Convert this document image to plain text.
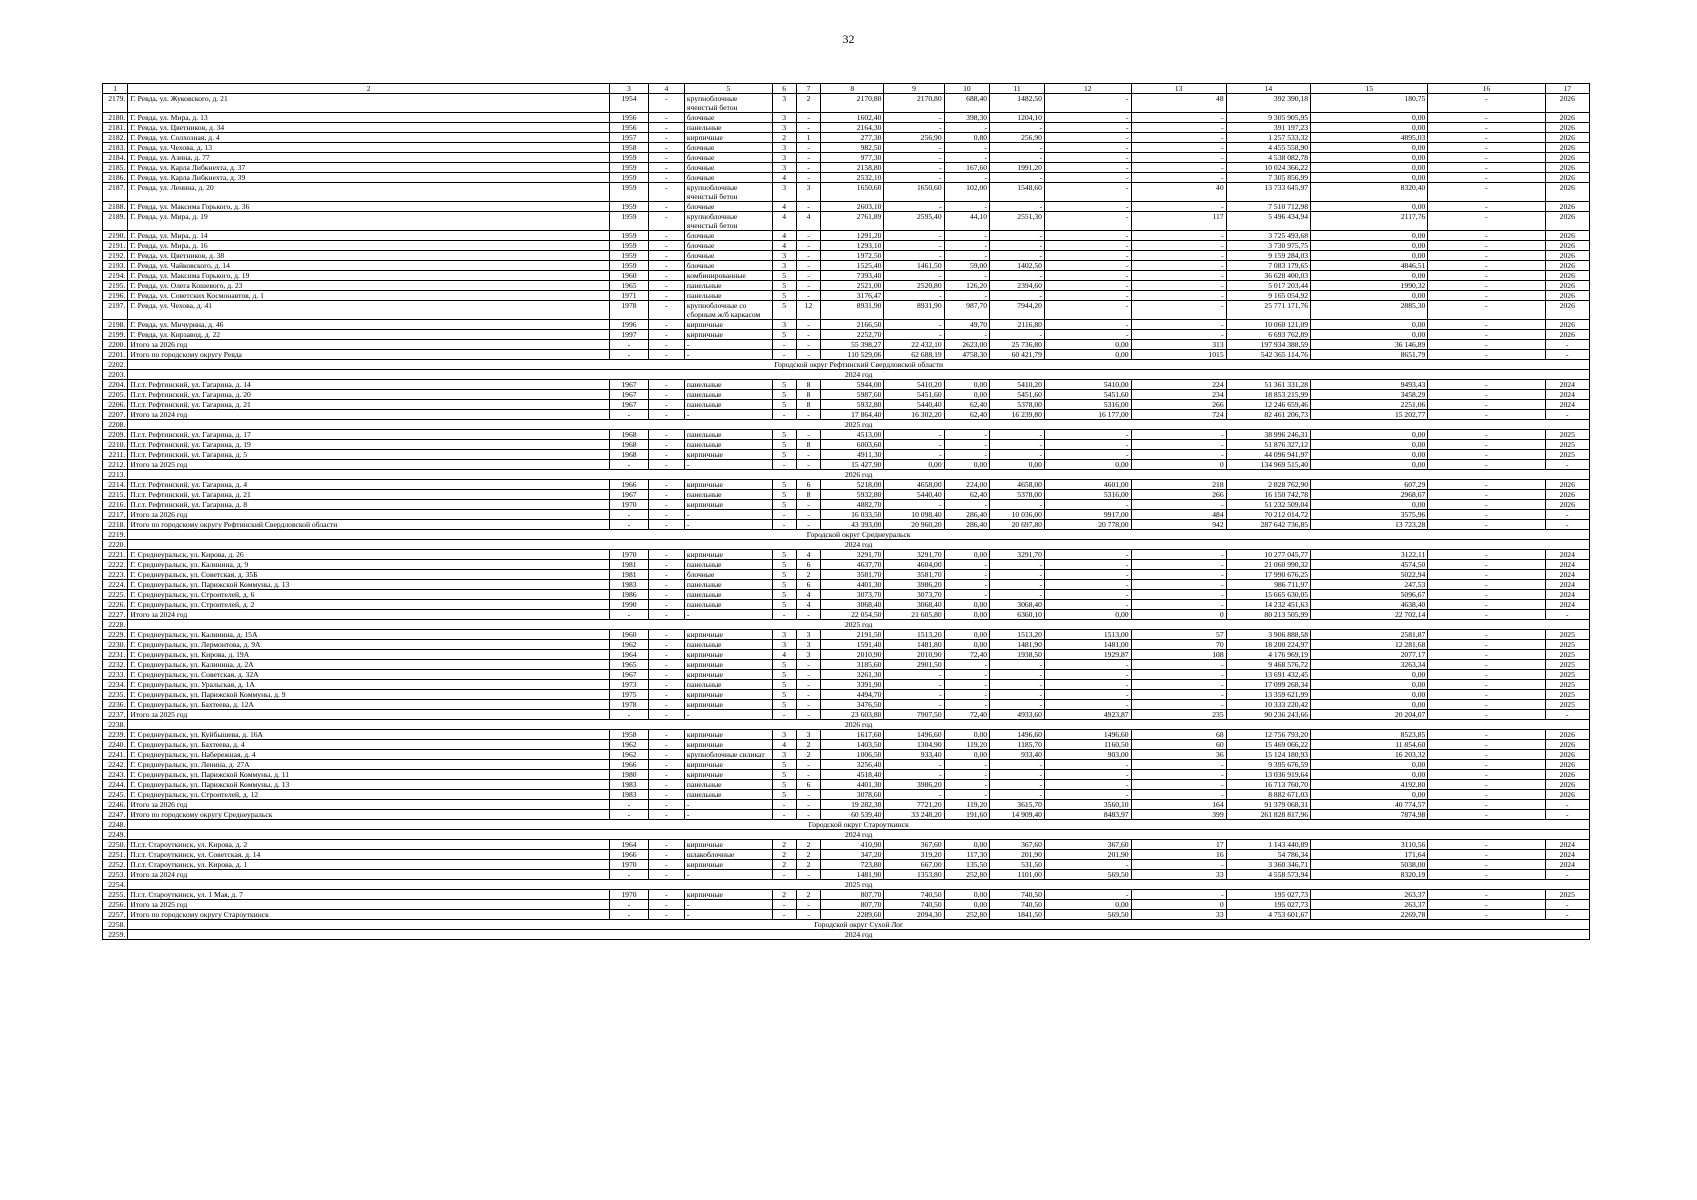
32
1	2	3	4	5	6	7	8	9	10	11	12	13	14	15	16	17
2179.	Г. Ревда, ул. Жуковского, д. 21	1954	-	крупноблочные ячеистый бетон	3	2	2170,80	2170,80	688,40	1482,50	-	48	392 390,18	180,75	-	2026
2180.	Г. Ревда, ул. Мира, д. 13	1956	-	блочные	3	-	1602,40	-	398,30	1204,10	-	-	9 305 905,95	0,00	-	2026
2181.	Г. Ревда, ул. Цветников, д. 34	1956	-	панельные	3	-	2164,30	-	-	-	-	-	391 197,23	0,00	-	2026
2182.	Г. Ревда, ул. Солхозная, д. 4	1957	-	кирпичные	2	1	277,30	256,90	0,80	256,90	-	-	1 257 533,32	4895,03	-	2026
2183.	Г. Ревда, ул. Чехова, д. 13	1958	-	блочные	3	-	982,50	-	-	-	-	-	4 455 558,90	0,00	-	2026
2184.	Г. Ревда, ул. Азина, д. 77	1959	-	блочные	3	-	977,30	-	-	-	-	-	4 538 082,78	0,00	-	2026
2185.	Г. Ревда, ул. Карла Либкнехта, д. 37	1959	-	блочные	3	-	2158,80	-	167,60	1991,20	-	-	10 024 366,22	0,00	-	2026
2186.	Г. Ревда, ул. Карла Либкнехта, д. 39	1959	-	блочные	4	-	2532,10	-	-	-	-	-	7 305 856,99	0,00	-	2026
2187.	Г. Ревда, ул. Ленина, д. 20	1959	-	крупноблочные ячеистый бетон	3	3	1650,60	1650,60	102,00	1548,60	-	40	13 733 645,97	8320,40	-	2026
2188.	Г. Ревда, ул. Максима Горького, д. 36	1959	-	блочные	4	-	2603,10	-	-	-	-	-	7 510 712,98	0,00	-	2026
2189.	Г. Ревда, ул. Мира, д. 19	1959	-	крупноблочные ячеистый бетон	4	4	2761,89	2595,40	44,10	2551,30	-	117	5 496 434,94	2117,76	-	2026
2190.	Г. Ревда, ул. Мира, д. 14	1959	-	блочные	4	-	1291,20	-	-	-	-	-	3 725 493,68	0,00	-	2026
2191.	Г. Ревда, ул. Мира, д. 16	1959	-	блочные	4	-	1293,10	-	-	-	-	-	3 730 975,75	0,00	-	2026
2192.	Г. Ревда, ул. Цветников, д. 38	1959	-	блочные	3	-	1972,50	-	-	-	-	-	9 159 284,03	0,00	-	2026
2193.	Г. Ревда, ул. Чайковского, д. 14	1959	-	блочные	3	-	1525,40	1461,50	59,00	1402,50	-	-	7 083 179,65	4846,51	-	2026
2194.	Г. Ревда, ул. Максима Горького, д. 19	1960	-	комбинированные	5	-	7393,40	-	-	-	-	-	36 628 400,03	0,00	-	2026
2195.	Г. Ревда, ул. Олега Кошевого, д. 23	1965	-	панельные	5	-	2521,00	2520,80	126,20	2394,60	-	-	5 017 203,44	1990,32	-	2026
2196.	Г. Ревда, ул. Советских Космонавтов, д. 1	1971	-	панельные	5	-	3176,47	-	-	-	-	-	9 165 054,92	0,00	-	2026
2197.	Г. Ревда, ул. Чехова, д. 41	1978	-	крупноблочные со сборным ж/б каркасом	5	12	8931,90	8931,90	987,70	7944,20	-	-	25 771 171,76	2885,30	-	2026
2198.	Г. Ревда, ул. Мичурина, д. 46	1996	-	кирпичные	3	-	2166,50	-	49,70	2116,80	-	-	10 060 121,09	0,00	-	2026
2199.	Г. Ревда, ул. Кирзавод, д. 22	1997	-	кирпичные	5	-	2252,70	-	-	-	-	-	6 693 762,89	0,00	-	2026
2200.	Итого за 2026 год	-	-	-	-	-	55 398,27	22 432,10	2623,00	25 736,80	0,00	313	197 934 388,59	36 146,89	-	-
2201.	Итого по городскому округу Ревда	-	-	-	-	-	110 529,06	62 688,19	4758,30	60 421,79	0,00	1015	542 365 114,76	8651,79	-	-
2202.	Городской округ Рефтинский Свердловской области															
2203.	2024 год															
2204.	П.г.т. Рефтинский, ул. Гагарина, д. 14	1967	-	панельные	5	8	5944,00	5410,20	0,00	5410,20	5410,00	224	51 361 331,28	9493,43	-	2024
2205.	П.г.т. Рефтинский, ул. Гагарина, д. 20	1967	-	панельные	5	8	5987,60	5451,60	0,00	5451,60	5451,60	234	18 853 215,99	3458,29	-	2024
2206.	П.г.т. Рефтинский, ул. Гагарина, д. 21	1967	-	панельные	5	8	5932,80	5440,40	62,40	5378,00	5316,00	266	12 246 659,46	2251,06	-	2024
2207.	Итого за 2024 год	-	-	-	-	-	17 864,40	16 302,20	62,40	16 239,80	16 177,00	724	82 461 206,73	15 202,77	-	-
2208.	2025 год															
2209.	П.г.т. Рефтинский, ул. Гагарина, д. 17	1968	-	панельные	5	-	4513,00	-	-	-	-	-	38 996 246,31	0,00	-	2025
2210.	П.г.т. Рефтинский, ул. Гагарина, д. 19	1968	-	панельные	5	8	6003,60	-	-	-	-	-	51 876 327,12	0,00	-	2025
2211.	П.г.т. Рефтинский, ул. Гагарина, д. 5	1968	-	кирпичные	5	-	4911,30	-	-	-	-	-	44 096 941,97	0,00	-	2025
2212.	Итого за 2025 год	-	-	-	-	-	15 427,90	0,00	0,00	0,00	0,00	0	134 969 515,40	0,00	-	-
2213.	2026 год															
2214.	П.г.т. Рефтинский, ул. Гагарина, д. 4	1966	-	кирпичные	5	6	5218,00	4658,00	224,00	4658,00	4601,00	218	2 828 762,90	607,29	-	2026
2215.	П.г.т. Рефтинский, ул. Гагарина, д. 21	1967	-	панельные	5	8	5932,80	5440,40	62,40	5378,00	5316,00	266	16 150 742,78	2968,67	-	2026
2216.	П.г.т. Рефтинский, ул. Гагарина, д. 8	1970	-	кирпичные	5	-	4882,70	-	-	-	-	-	51 232 509,04	0,00	-	2026
2217.	Итого за 2026 год	-	-	-	-	-	16 033,50	10 098,40	286,40	10 036,00	9917,00	484	70 212 014,72	3575,96	-	-
2218.	Итого по городскому округу Рефтинский Свердловской области	-	-	-	-	-	43 393,00	20 960,20	286,40	20 697,80	20 778,00	942	287 642 736,85	13 723,28	-	-
2219.	Городской округ Среднеуральск															
2220.	2024 год															
2221.	Г. Среднеуральск, ул. Кирова, д. 26	1970	-	кирпичные	5	4	3291,70	3291,70	0,00	3291,70	-	-	10 277 045,77	3122,11	-	2024
2222.	Г. Среднеуральск, ул. Калинина, д. 9	1981	-	панельные	5	6	4637,70	4604,00	-	-	-	-	21 060 990,32	4574,50	-	2024
2223.	Г. Среднеуральск, ул. Советская, д. 35Б	1981	-	блочные	5	2	3581,70	3581,70	-	-	-	-	17 990 676,25	5022,94	-	2024
2224.	Г. Среднеуральск, ул. Парижской Коммуны, д. 13	1983	-	панельные	5	6	4401,30	3986,20	-	-	-	-	986 711,97	247,53	-	2024
2225.	Г. Среднеуральск, ул. Строителей, д. 6	1986	-	панельные	5	4	3073,70	3073,70	-	-	-	-	15 665 630,05	5096,67	-	2024
2226.	Г. Среднеуральск, ул. Строителей, д. 2	1990	-	панельные	5	4	3068,40	3068,40	0,00	3068,40	-	-	14 232 451,63	4638,40	-	2024
2227.	Итого за 2024 год	-	-	-	-	-	22 054,50	21 605,80	0,00	6360,10	0,00	0	80 213 505,99	22 702,14	-	-
2228.	2025 год															
2229.	Г. Среднеуральск, ул. Калинина, д. 15А	1960	-	кирпичные	3	3	2191,50	1513,20	0,00	1513,20	1513,00	57	3 906 888,58	2581,87	-	2025
2230.	Г. Среднеуральск, ул. Лермонтова, д. 9А	1962	-	панельные	3	3	1591,40	1481,80	0,00	1481,90	1481,00	70	18 200 224,97	12 281,68	-	2025
2231.	Г. Среднеуральск, ул. Кирова, д. 19А	1964	-	кирпичные	4	3	2010,90	2010,90	72,40	1938,50	1929,87	108	4 176 969,19	2077,17	-	2025
2232.	Г. Среднеуральск, ул. Калинина, д. 2А	1965	-	кирпичные	5	-	3185,60	2901,50	-	-	-	-	9 468 576,72	3263,34	-	2025
2233.	Г. Среднеуральск, ул. Советская, д. 32А	1967	-	кирпичные	5	-	3261,30	-	-	-	-	-	13 691 432,45	0,00	-	2025
2234.	Г. Среднеуральск, ул. Уральская, д. 1А	1973	-	панельные	5	-	3391,90	-	-	-	-	-	17 099 268,34	0,00	-	2025
2235.	Г. Среднеуральск, ул. Парижской Коммуны, д. 9	1975	-	кирпичные	5	-	4494,70	-	-	-	-	-	13 359 621,99	0,00	-	2025
2236.	Г. Среднеуральск, ул. Бахтеева, д. 12А	1978	-	кирпичные	5	-	3476,50	-	-	-	-	-	10 333 220,42	0,00	-	2025
2237.	Итого за 2025 год	-	-	-	-	-	23 603,80	7907,50	72,40	4933,60	4923,87	235	90 236 243,66	20 204,07	-	-
2238.	2026 год															
2239.	Г. Среднеуральск, ул. Куйбышева, д. 16А	1958	-	кирпичные	3	3	1617,60	1496,60	0,00	1496,60	1496,60	68	12 756 793,20	8523,85	-	2026
2240.	Г. Среднеуральск, ул. Бахтеева, д. 4	1962	-	кирпичные	4	2	1403,50	1304,90	119,20	1185,70	1160,50	60	15 469 066,22	11 854,60	-	2026
2241.	Г. Среднеуральск, ул. Набережная, д. 4	1962	-	крупноблочные силикат	3	2	1006,50	933,40	0,00	933,40	903,00	36	15 124 180,93	16 203,32	-	2026
2242.	Г. Среднеуральск, ул. Ленина, д. 27А	1966	-	кирпичные	5	-	3256,40	-	-	-	-	-	9 395 676,59	0,00	-	2026
2243.	Г. Среднеуральск, ул. Парижской Коммуны, д. 11	1980	-	кирпичные	5	-	4518,40	-	-	-	-	-	13 036 919,64	0,00	-	2026
2244.	Г. Среднеуральск, ул. Парижской Коммуны, д. 13	1983	-	панельные	5	6	4401,30	3986,20	-	-	-	-	16 713 760,70	4192,80	-	2026
2245.	Г. Среднеуральск, ул. Строителей, д. 12	1983	-	панельные	5	-	3078,60	-	-	-	-	-	8 882 671,03	0,00	-	2026
2246.	Итого за 2026 год	-	-	-	-	-	19 282,30	7721,20	119,20	3615,70	3560,10	164	91 379 068,31	40 774,57	-	-
2247.	Итого по городскому округу Среднеуральск	-	-	-	-	-	60 539,40	33 248,20	191,60	14 909,40	8483,97	399	261 828 817,96	7874,98	-	-
2248.	Городской округ Староуткинск															
2249.	2024 год															
2250.	П.г.т. Староуткинск, ул. Кирова, д. 2	1964	-	кирпичные	2	2	410,90	367,60	0,00	367,60	367,60	17	1 143 440,89	3110,56	-	2024
2251.	П.г.т. Староуткинск, ул. Советская, д. 14	1966	-	шлакоблочные	2	2	347,20	319,20	117,30	201,90	201,90	16	54 786,34	171,64	-	2024
2252.	П.г.т. Староуткинск, ул. Кирова, д. 1	1970	-	кирпичные	2	2	723,80	667,00	135,50	531,50	-	-	3 360 346,71	5038,00	-	2024
2253.	Итого за 2024 год	-	-	-	-	-	1481,90	1353,80	252,80	1101,00	569,50	33	4 558 573,94	8320,19	-	-
2254.	2025 год															
2255.	П.г.т. Староуткинск, ул. 1 Мая, д. 7	1970	-	кирпичные	2	2	807,70	740,50	0,00	740,50	-	-	195 027,73	263,37	-	2025
2256.	Итого за 2025 год	-	-	-	-	-	807,70	740,50	0,00	740,50	0,00	0	195 027,73	263,37	-	-
2257.	Итого по городскому округу Староуткинск	-	-	-	-	-	2289,60	2094,30	252,80	1841,50	569,50	33	4 753 601,67	2269,78	-	-
2258.	Городской округ Сухой Лог															
2259.	2024 год															
